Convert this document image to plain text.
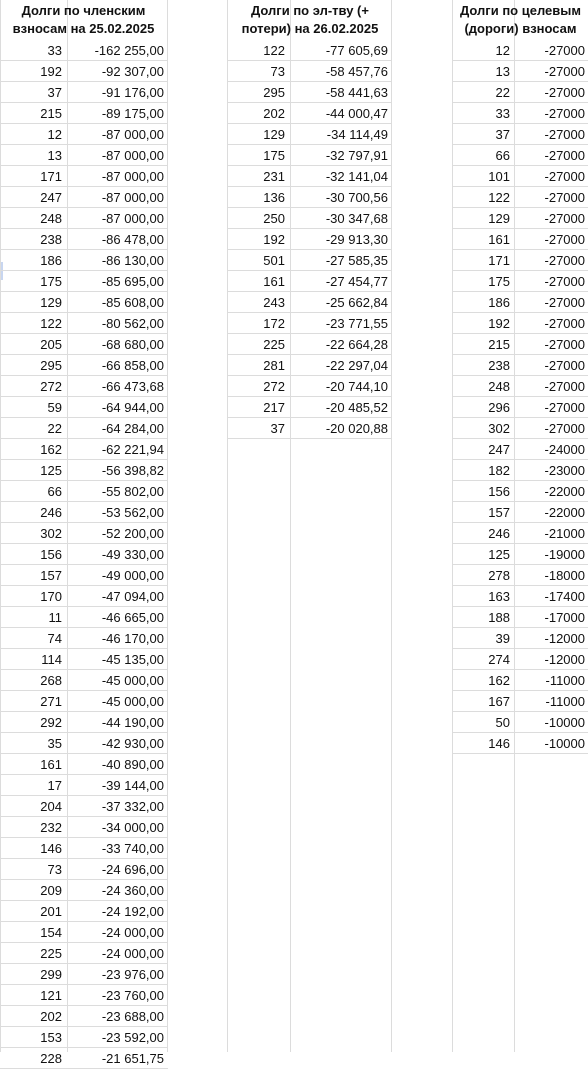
Долги по членским
взносам на 25.02.2025
Долги по эл-тву (+
потери) на 26.02.2025
Долги по целевым
(дороги) взносам
33	-162 255,00
192	-92 307,00
37	-91 176,00
215	-89 175,00
12	-87 000,00
13	-87 000,00
171	-87 000,00
247	-87 000,00
248	-87 000,00
238	-86 478,00
186	-86 130,00
175	-85 695,00
129	-85 608,00
122	-80 562,00
205	-68 680,00
295	-66 858,00
272	-66 473,68
59	-64 944,00
22	-64 284,00
162	-62 221,94
125	-56 398,82
66	-55 802,00
246	-53 562,00
302	-52 200,00
156	-49 330,00
157	-49 000,00
170	-47 094,00
11	-46 665,00
74	-46 170,00
114	-45 135,00
268	-45 000,00
271	-45 000,00
292	-44 190,00
35	-42 930,00
161	-40 890,00
17	-39 144,00
204	-37 332,00
232	-34 000,00
146	-33 740,00
73	-24 696,00
209	-24 360,00
201	-24 192,00
154	-24 000,00
225	-24 000,00
299	-23 976,00
121	-23 760,00
202	-23 688,00
153	-23 592,00
228	-21 651,75
122	-77 605,69
73	-58 457,76
295	-58 441,63
202	-44 000,47
129	-34 114,49
175	-32 797,91
231	-32 141,04
136	-30 700,56
250	-30 347,68
192	-29 913,30
501	-27 585,35
161	-27 454,77
243	-25 662,84
172	-23 771,55
225	-22 664,28
281	-22 297,04
272	-20 744,10
217	-20 485,52
37	-20 020,88
12	-27000
13	-27000
22	-27000
33	-27000
37	-27000
66	-27000
101	-27000
122	-27000
129	-27000
161	-27000
171	-27000
175	-27000
186	-27000
192	-27000
215	-27000
238	-27000
248	-27000
296	-27000
302	-27000
247	-24000
182	-23000
156	-22000
157	-22000
246	-21000
125	-19000
278	-18000
163	-17400
188	-17000
39	-12000
274	-12000
162	-11000
167	-11000
50	-10000
146	-10000
